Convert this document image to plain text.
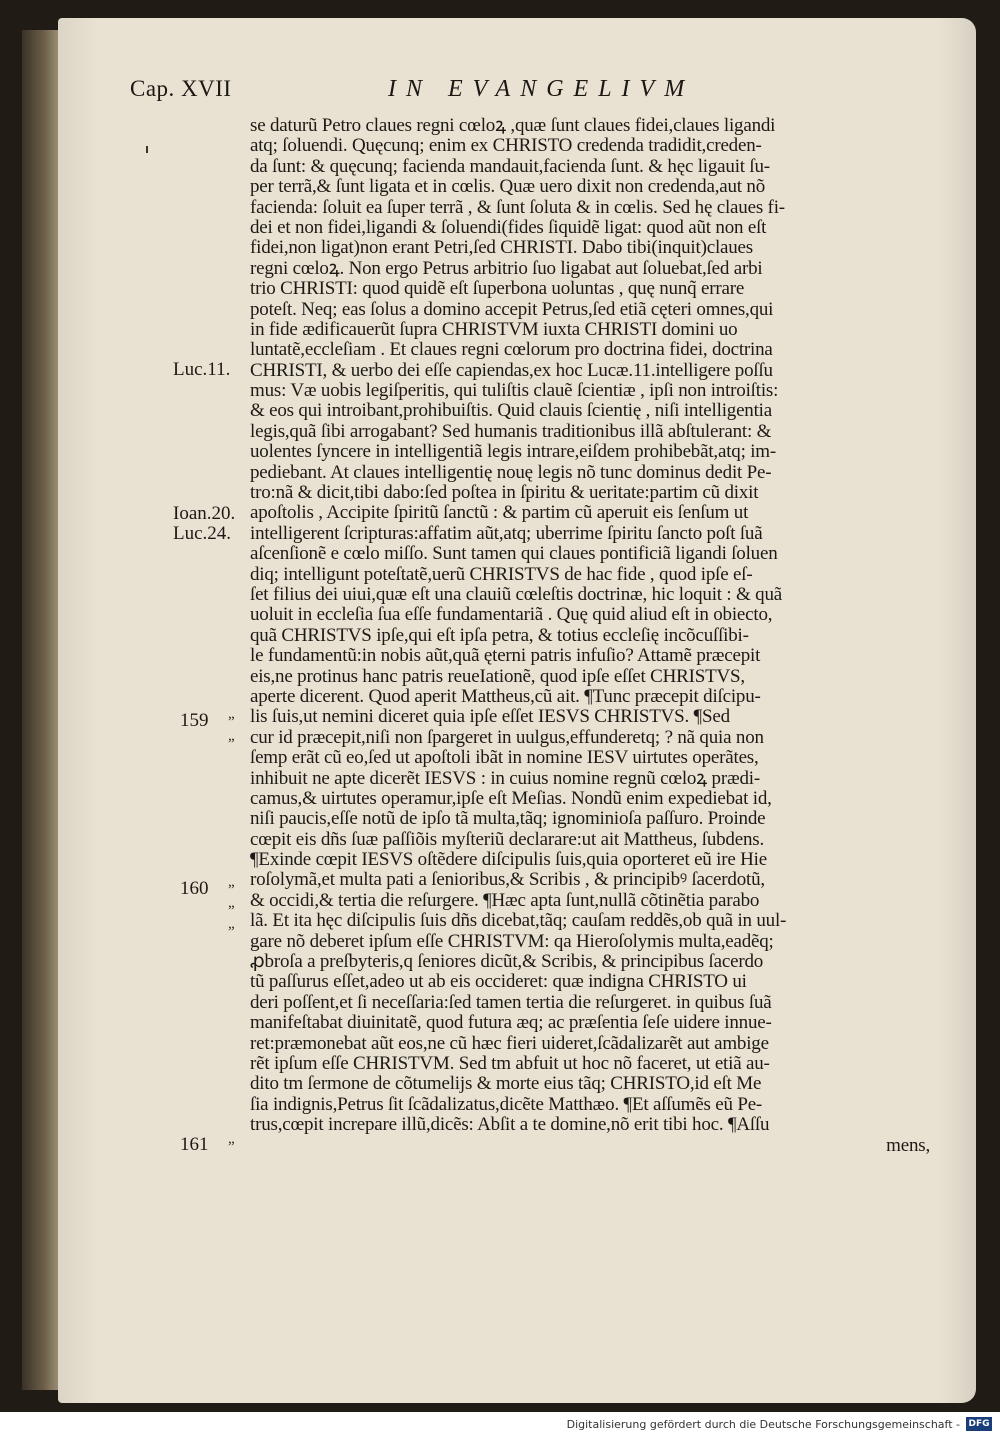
Cap. XVII	IN EVANGELIVM
se daturũ Petro claues regni cœloꝝ ,quæ ſunt claues fidei,claues ligandi
atq; ſoluendi. Quęcunq; enim ex CHRISTO credenda tradidit,creden-
da ſunt: & quęcunq; facienda mandauit,facienda ſunt. & hęc ligauit ſu-
per terrã,& ſunt ligata et in cœlis. Quæ uero dixit non credenda,aut nõ
facienda: ſoluit ea ſuper terrã , & ſunt ſoluta & in cœlis. Sed hę claues fi-
dei et non fidei,ligandi & ſoluendi(fides ſiquidẽ ligat: quod aũt non eſt
fidei,non ligat)non erant Petri,ſed CHRISTI. Dabo tibi(inquit)claues
regni cœloꝝ. Non ergo Petrus arbitrio ſuo ligabat aut ſoluebat,ſed arbi
trio CHRISTI: quod quidẽ eſt ſuperbona uoluntas , quę nunq̃ errare
poteſt. Neq; eas ſolus a domino accepit Petrus,ſed etiã cęteri omnes,qui
in fide ædificauerũt ſupra CHRISTVM iuxta CHRISTI domini uo
luntatẽ,eccleſiam . Et claues regni cœlorum pro doctrina fidei, doctrina
CHRISTI, & uerbo dei eſſe capiendas,ex hoc Lucæ.11.intelligere poſſu
mus: Væ uobis legiſperitis, qui tuliſtis clauẽ ſcientiæ , ipſi non introiſtis:
& eos qui introibant,prohibuiſtis. Quid clauis ſcientię , niſi intelligentia
legis,quã ſibi arrogabant? Sed humanis traditionibus illã abſtulerant: &
uolentes ſyncere in intelligentiã legis intrare,eiſdem prohibebãt,atq; im-
pediebant. At claues intelligentię nouę legis nõ tunc dominus dedit Pe-
tro:nã & dicit,tibi dabo:ſed poſtea in ſpiritu & ueritate:partim cũ dixit
apoſtolis , Accipite ſpiritũ ſanctũ : & partim cũ aperuit eis ſenſum ut
intelligerent ſcripturas:affatim aũt,atq; uberrime ſpiritu ſancto poſt ſuã
aſcenſionẽ e cœlo miſſo. Sunt tamen qui claues pontificiã ligandi ſoluen
diq; intelligunt poteſtatẽ,uerũ CHRISTVS de hac fide , quod ipſe eſ-
ſet filius dei uiui,quæ eſt una clauiũ cœleſtis doctrinæ, hic loquit : & quã
uoluit in eccleſia ſua eſſe fundamentariã . Quę quid aliud eſt in obiecto,
quã CHRISTVS ipſe,qui eſt ipſa petra, & totius eccleſię incõcuſſibi-
le fundamentũ:in nobis aũt,quã ęterni patris infuſio? Attamẽ præcepit
eis,ne protinus hanc patris reueIationẽ, quod ipſe eſſet CHRISTVS,
aperte dicerent. Quod aperit Mattheus,cũ ait. ¶Tunc præcepit diſcipu-
lis ſuis,ut nemini diceret quia ipſe eſſet IESVS CHRISTVS. ¶Sed
cur id præcepit,niſi non ſpargeret in uulgus,effunderetq; ? nã quia non
ſemp erãt cũ eo,ſed ut apoſtoli ibãt in nomine IESV uirtutes operãtes,
inhibuit ne apte dicerẽt IESVS : in cuius nomine regnũ cœloꝝ prædi-
camus,& uirtutes operamur,ipſe eſt Meſias. Nondũ enim expediebat id,
niſi paucis,eſſe notũ de ipſo tã multa,tãq; ignominioſa paſſuro. Proinde
cœpit eis dñs ſuæ paſſiõis myſteriũ declarare:ut ait Mattheus, ſubdens.
¶Exinde cœpit IESVS oſtẽdere diſcipulis ſuis,quia oporteret eũ ire Hie
roſolymã,et multa pati a ſenioribus,& Scribis , & principibꝰ ſacerdotũ,
& occidi,& tertia die reſurgere. ¶Hæc apta ſunt,nullã cõtinẽtia parabo
lã. Et ita hęc diſcipulis ſuis dñs dicebat,tãq; cauſam reddẽs,ob quã in uul-
gare nõ deberet ipſum eſſe CHRISTVM: qa Hieroſolymis multa,eadẽq;
ꝓbroſa a preſbyteris,q ſeniores dicũt,& Scribis, & principibus ſacerdo
tũ paſſurus eſſet,adeo ut ab eis occideret: quæ indigna CHRISTO ui
deri poſſent,et ſi neceſſaria:ſed tamen tertia die reſurgeret. in quibus ſuã
manifeſtabat diuinitatẽ, quod futura æq; ac præſentia ſeſe uidere innue-
ret:præmonebat aũt eos,ne cũ hæc fieri uideret,ſcãdalizarẽt aut ambige
rẽt ipſum eſſe CHRISTVM. Sed tm abfuit ut hoc nõ faceret, ut etiã au-
dito tm ſermone de cõtumelijs & morte eius tãq; CHRISTO,id eſt Me
ſia indignis,Petrus ſit ſcãdalizatus,dicẽte Matthæo. ¶Et aſſumẽs eũ Pe-
trus,cœpit increpare illũ,dicẽs: Abſit a te domine,nõ erit tibi hoc. ¶Aſſu
mens,
Luc.11.
Ioan.20.
Luc.24.
159
160
161
”
”
”
”
”
”
Digitalisierung gefördert durch die Deutsche Forschungsgemeinschaft - DFG
